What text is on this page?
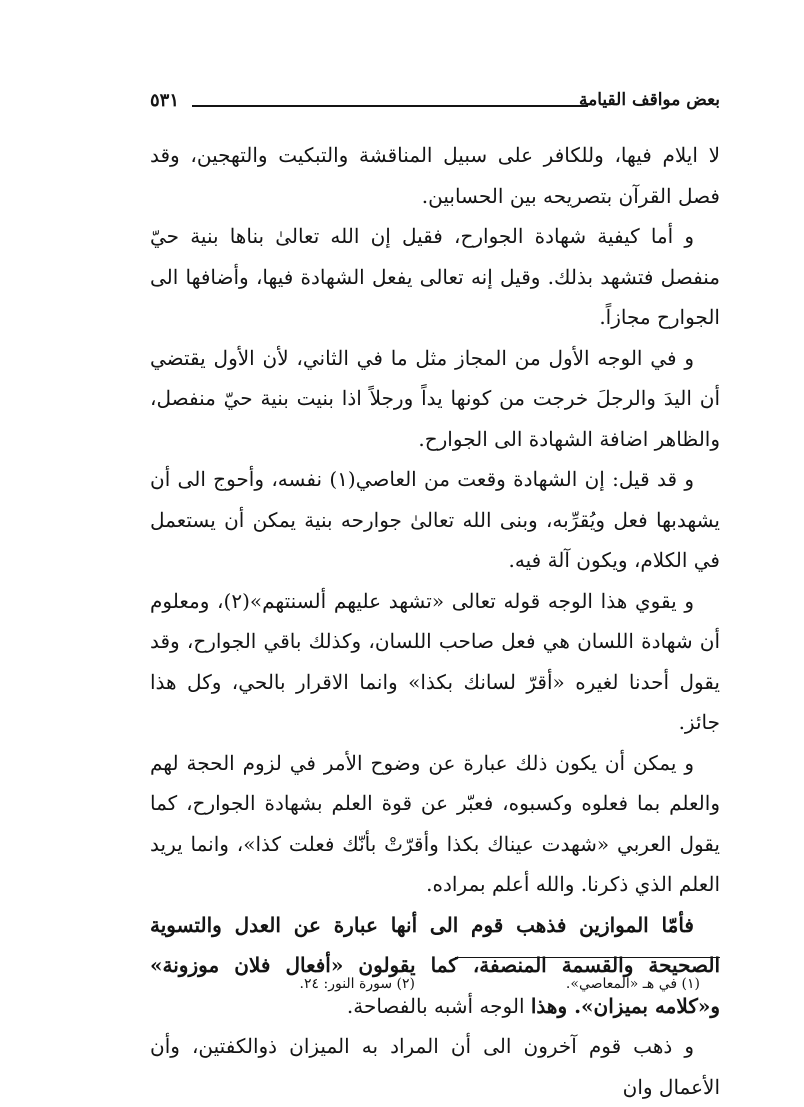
بعض مواقف القيامة
٥٣١

لا ايلام فيها، وللكافر على سبيل المناقشة والتبكيت والتهجين، وقد فصل القرآن بتصريحه بين الحسابين.

و أما كيفية شهادة الجوارح، فقيل إن الله تعالىٰ بناها بنية حيّ منفصل فتشهد بذلك. وقيل إنه تعالى يفعل الشهادة فيها، وأضافها الى الجوارح مجازاً.

و في الوجه الأول من المجاز مثل ما في الثاني، لأن الأول يقتضي أن اليدَ والرجلَ خرجت من كونها يداً ورجلاً اذا بنيت بنية حيّ منفصل، والظاهر اضافة الشهادة الى الجوارح.

و قد قيل: إن الشهادة وقعت من العاصي(١) نفسه، وأحوج الى أن يشهدبها فعل ويُقرِّبه، وبنى الله تعالىٰ جوارحه بنية يمكن أن يستعمل في الكلام، ويكون آلة فيه.

و يقوي هذا الوجه قوله تعالى «تشهد عليهم ألسنتهم»(٢)، ومعلوم أن شهادة اللسان هي فعل صاحب اللسان، وكذلك باقي الجوارح، وقد يقول أحدنا لغيره «أقرّ لسانك بكذا» وانما الاقرار بالحي، وكل هذا جائز.

و يمكن أن يكون ذلك عبارة عن وضوح الأمر في لزوم الحجة لهم والعلم بما فعلوه وكسبوه، فعبّر عن قوة العلم بشهادة الجوارح، كما يقول العربي «شهدت عيناك بكذا وأقرّتْ بأنّك فعلت كذا»، وانما يريد العلم الذي ذكرنا. والله أعلم بمراده.

فأمّا الموازين فذهب قوم الى أنها عبارة عن العدل والتسوية الصحيحة والقسمة المنصفة، كما يقولون «أفعال فلان موزونة» و«كلامه بميزان». وهذا الوجه أشبه بالفصاحة.

و ذهب قوم آخرون الى أن المراد به الميزان ذوالكفتين، وأن الأعمال وان

(١) في هـ «المعاصي».
(٢) سورة النور: ٢٤.
